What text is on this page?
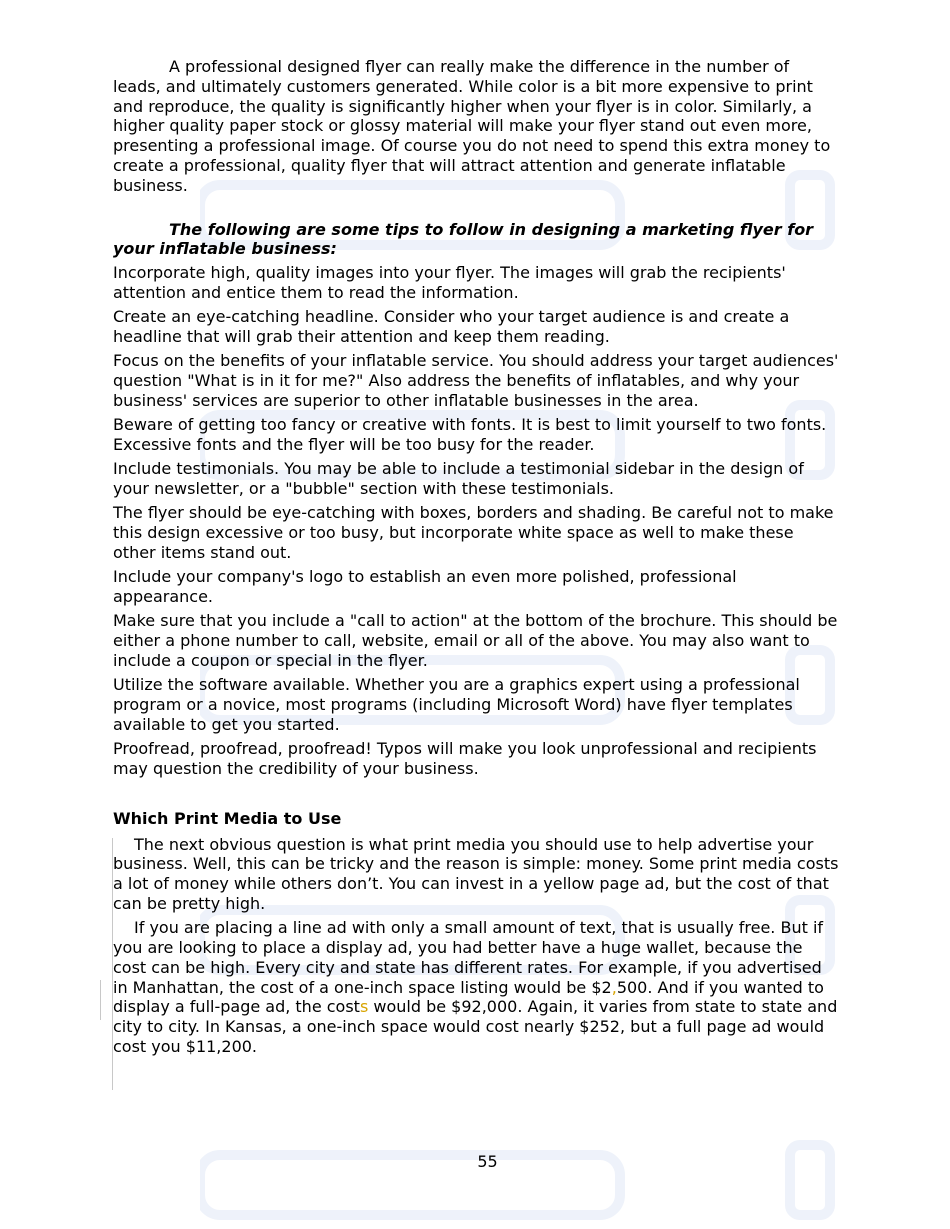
A professional designed flyer can really make the difference in the number of leads, and ultimately customers generated. While color is a bit more expensive to print and reproduce, the quality is significantly higher when your flyer is in color. Similarly, a higher quality paper stock or glossy material will make your flyer stand out even more, presenting a professional image. Of course you do not need to spend this extra money to create a professional, quality flyer that will attract attention and generate inflatable business.

The following are some tips to follow in designing a marketing flyer for your inflatable business:

Incorporate high, quality images into your flyer. The images will grab the recipients' attention and entice them to read the information.

Create an eye-catching headline. Consider who your target audience is and create a headline that will grab their attention and keep them reading.

Focus on the benefits of your inflatable service. You should address your target audiences' question "What is in it for me?" Also address the benefits of inflatables, and why your business' services are superior to other inflatable businesses in the area.

Beware of getting too fancy or creative with fonts. It is best to limit yourself to two fonts. Excessive fonts and the flyer will be too busy for the reader.

Include testimonials. You may be able to include a testimonial sidebar in the design of your newsletter, or a "bubble" section with these testimonials.

The flyer should be eye-catching with boxes, borders and shading. Be careful not to make this design excessive or too busy, but incorporate white space as well to make these other items stand out.

Include your company's logo to establish an even more polished, professional appearance.

Make sure that you include a "call to action" at the bottom of the brochure. This should be either a phone number to call, website, email or all of the above. You may also want to include a coupon or special in the flyer.

Utilize the software available. Whether you are a graphics expert using a professional program or a novice, most programs (including Microsoft Word) have flyer templates available to get you started.

Proofread, proofread, proofread! Typos will make you look unprofessional and recipients may question the credibility of your business.

Which Print Media to Use

The next obvious question is what print media you should use to help advertise your business. Well, this can be tricky and the reason is simple: money. Some print media costs a lot of money while others don’t. You can invest in a yellow page ad, but the cost of that can be pretty high.

If you are placing a line ad with only a small amount of text, that is usually free. But if you are looking to place a display ad, you had better have a huge wallet, because the cost can be high. Every city and state has different rates. For example, if you advertised in Manhattan, the cost of a one-inch space listing would be $2,500. And if you wanted to display a full-page ad, the costs would be $92,000. Again, it varies from state to state and city to city. In Kansas, a one-inch space would cost nearly $252, but a full page ad would cost you $11,200.

55
